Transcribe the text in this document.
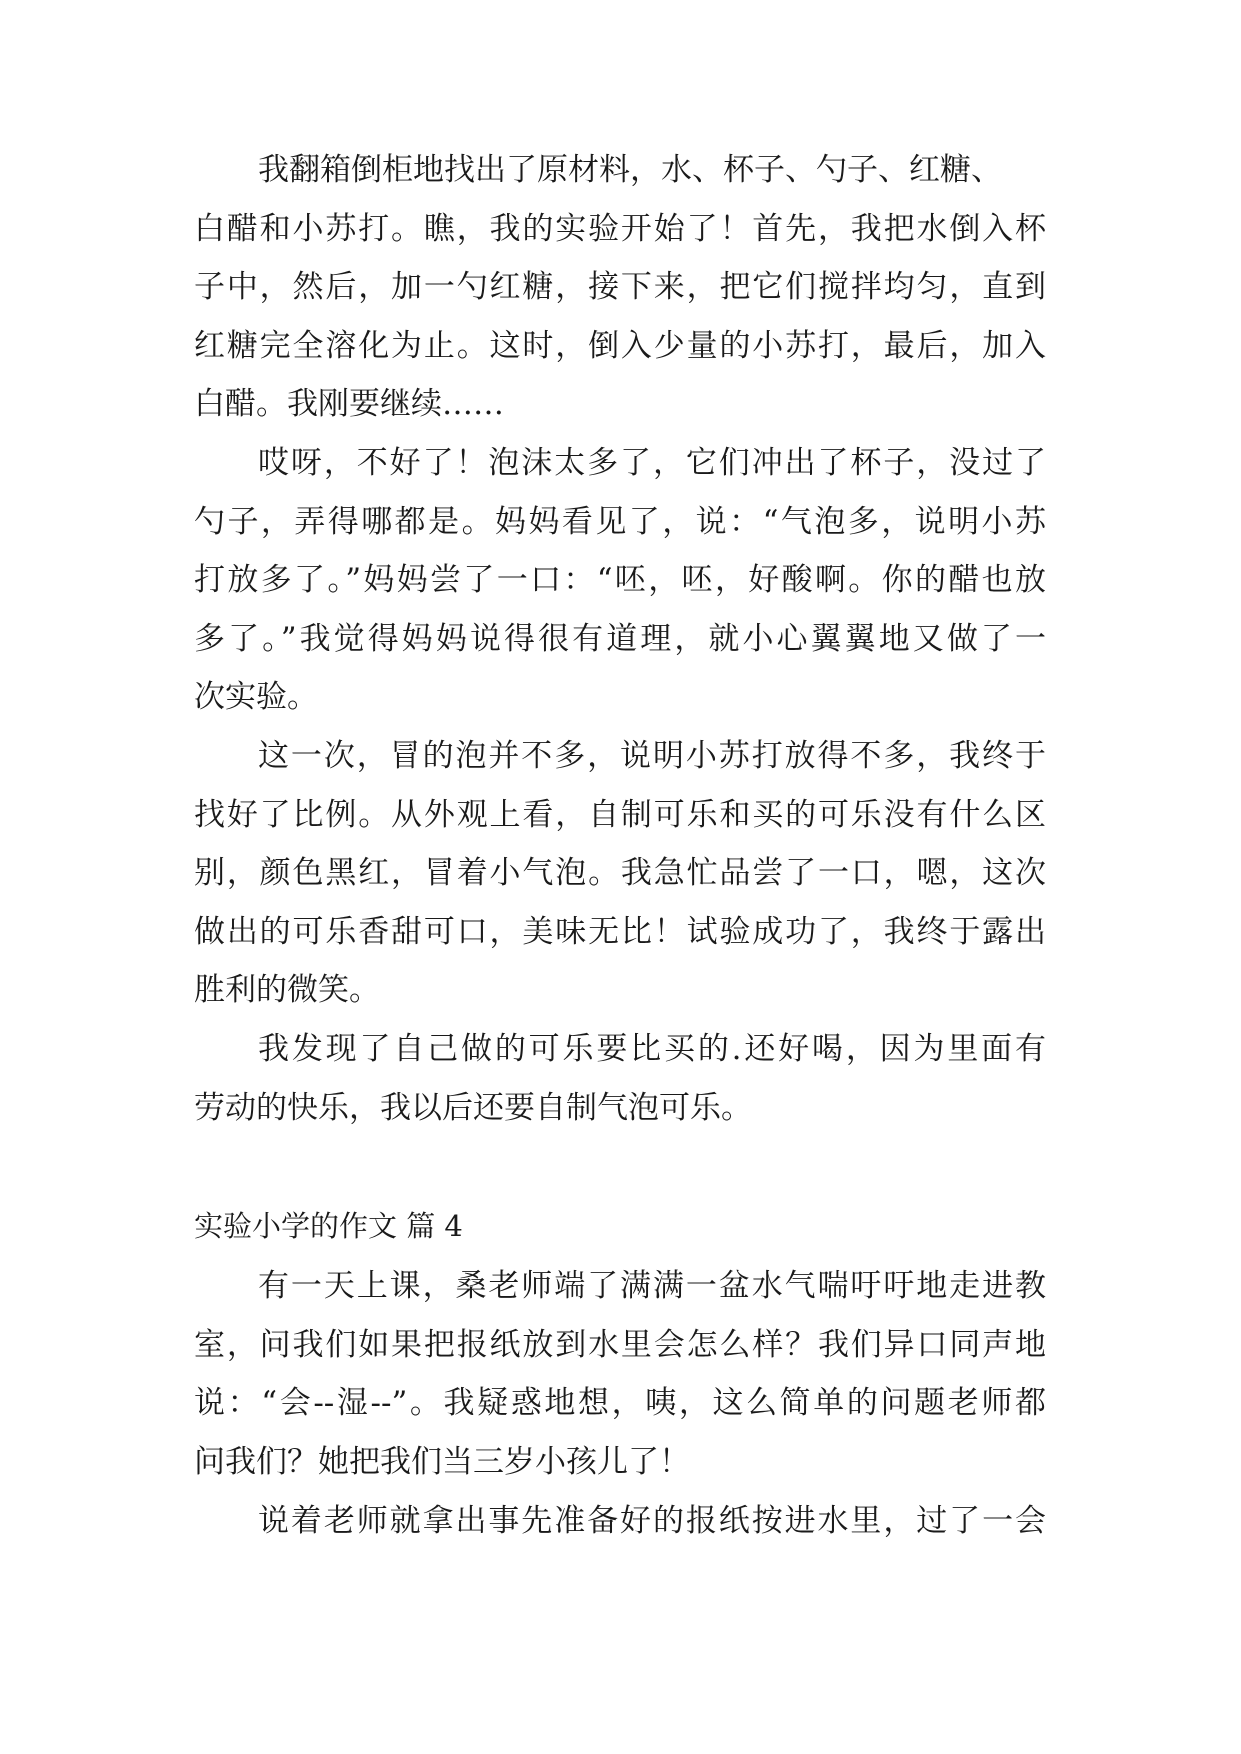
我翻箱倒柜地找出了原材料，水、杯子、勺子、红糖、
白醋和小苏打。瞧，我的实验开始了！首先，我把水倒入杯
子中，然后，加一勺红糖，接下来，把它们搅拌均匀，直到
红糖完全溶化为止。这时，倒入少量的小苏打，最后，加入
白醋。我刚要继续……
哎呀，不好了！泡沫太多了，它们冲出了杯子，没过了
勺子，弄得哪都是。妈妈看见了，说：“气泡多，说明小苏
打放多了。”妈妈尝了一口：“呸，呸，好酸啊。你的醋也放
多了。”我觉得妈妈说得很有道理，就小心翼翼地又做了一
次实验。
这一次，冒的泡并不多，说明小苏打放得不多，我终于
找好了比例。从外观上看，自制可乐和买的可乐没有什么区
别，颜色黑红，冒着小气泡。我急忙品尝了一口，嗯，这次
做出的可乐香甜可口，美味无比！试验成功了，我终于露出
胜利的微笑。
我发现了自己做的可乐要比买的.还好喝，因为里面有
劳动的快乐，我以后还要自制气泡可乐。
实验小学的作文 篇 4
有一天上课，桑老师端了满满一盆水气喘吁吁地走进教
室，问我们如果把报纸放到水里会怎么样？我们异口同声地
说：“会--湿--”。我疑惑地想，咦，这么简单的问题老师都
问我们？她把我们当三岁小孩儿了！
说着老师就拿出事先准备好的报纸按进水里，过了一会
